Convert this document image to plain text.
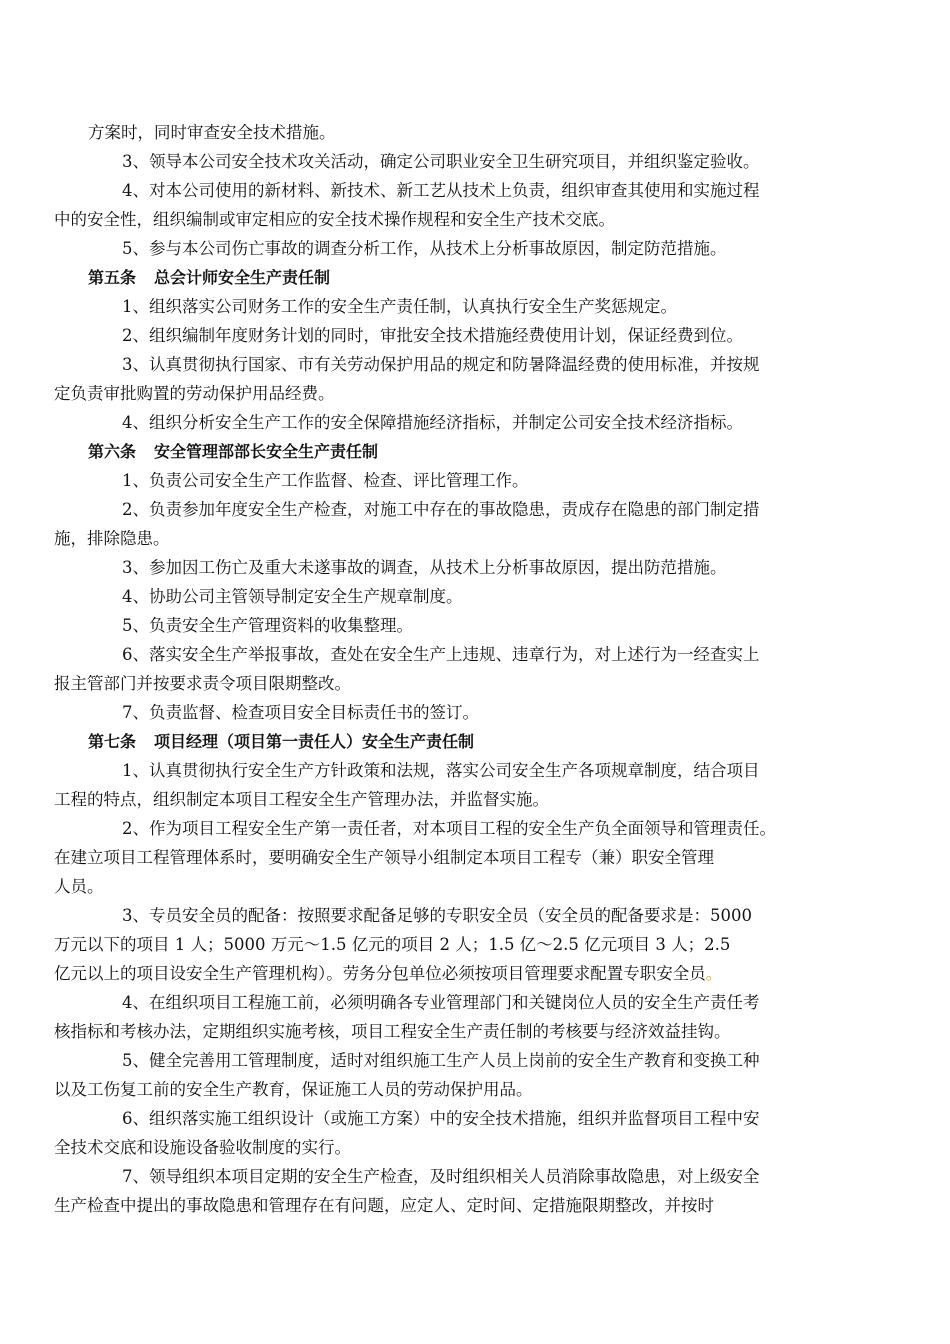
方案时，同时审查安全技术措施。
3、领导本公司安全技术攻关活动，确定公司职业安全卫生研究项目，并组织鉴定验收。
4、对本公司使用的新材料、新技术、新工艺从技术上负责，组织审查其使用和实施过程
中的安全性，组织编制或审定相应的安全技术操作规程和安全生产技术交底。
5、参与本公司伤亡事故的调查分析工作，从技术上分析事故原因，制定防范措施。
第五条 总会计师安全生产责任制
1、组织落实公司财务工作的安全生产责任制，认真执行安全生产奖惩规定。
2、组织编制年度财务计划的同时，审批安全技术措施经费使用计划，保证经费到位。
3、认真贯彻执行国家、市有关劳动保护用品的规定和防暑降温经费的使用标准，并按规
定负责审批购置的劳动保护用品经费。
4、组织分析安全生产工作的安全保障措施经济指标，并制定公司安全技术经济指标。
第六条 安全管理部部长安全生产责任制
1、负责公司安全生产工作监督、检查、评比管理工作。
2、负责参加年度安全生产检查，对施工中存在的事故隐患，责成存在隐患的部门制定措
施，排除隐患。
3、参加因工伤亡及重大未遂事故的调查，从技术上分析事故原因，提出防范措施。
4、协助公司主管领导制定安全生产规章制度。
5、负责安全生产管理资料的收集整理。
6、落实安全生产举报事故，查处在安全生产上违规、违章行为，对上述行为一经查实上
报主管部门并按要求责令项目限期整改。
7、负责监督、检查项目安全目标责任书的签订。
第七条 项目经理（项目第一责任人）安全生产责任制
1、认真贯彻执行安全生产方针政策和法规，落实公司安全生产各项规章制度，结合项目
工程的特点，组织制定本项目工程安全生产管理办法，并监督实施。
2、作为项目工程安全生产第一责任者，对本项目工程的安全生产负全面领导和管理责任。
在建立项目工程管理体系时，要明确安全生产领导小组制定本项目工程专（兼）职安全管理
人员。
3、专员安全员的配备：按照要求配备足够的专职安全员（安全员的配备要求是：5000
万元以下的项目 1 人；5000 万元～1.5 亿元的项目 2 人；1.5 亿～2.5 亿元项目 3 人；2.5
亿元以上的项目设安全生产管理机构）。劳务分包单位必须按项目管理要求配置专职安全员。
4、在组织项目工程施工前，必须明确各专业管理部门和关键岗位人员的安全生产责任考
核指标和考核办法，定期组织实施考核，项目工程安全生产责任制的考核要与经济效益挂钩。
5、健全完善用工管理制度，适时对组织施工生产人员上岗前的安全生产教育和变换工种
以及工伤复工前的安全生产教育，保证施工人员的劳动保护用品。
6、组织落实施工组织设计（或施工方案）中的安全技术措施，组织并监督项目工程中安
全技术交底和设施设备验收制度的实行。
7、领导组织本项目定期的安全生产检查，及时组织相关人员消除事故隐患，对上级安全
生产检查中提出的事故隐患和管理存在有问题，应定人、定时间、定措施限期整改，并按时
